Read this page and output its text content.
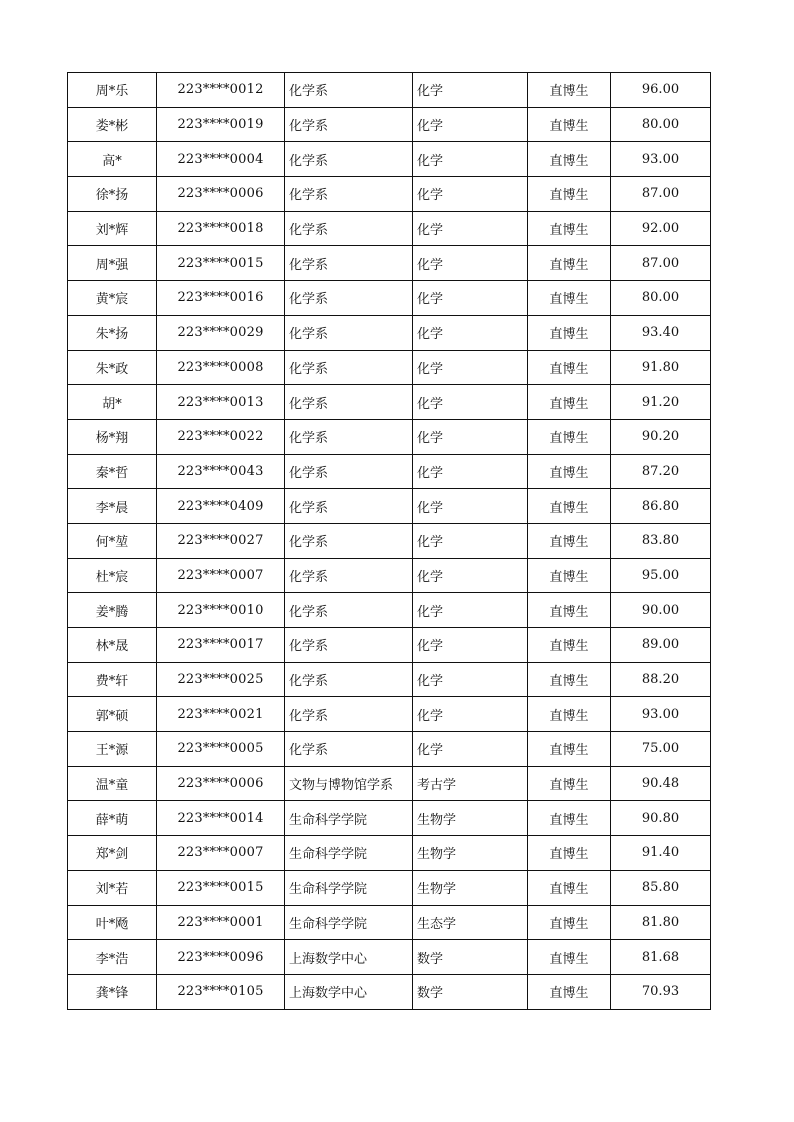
周*乐	223****0012	化学系	化学	直博生	96.00
娄*彬	223****0019	化学系	化学	直博生	80.00
高*	223****0004	化学系	化学	直博生	93.00
徐*扬	223****0006	化学系	化学	直博生	87.00
刘*辉	223****0018	化学系	化学	直博生	92.00
周*强	223****0015	化学系	化学	直博生	87.00
黄*宸	223****0016	化学系	化学	直博生	80.00
朱*扬	223****0029	化学系	化学	直博生	93.40
朱*政	223****0008	化学系	化学	直博生	91.80
胡*	223****0013	化学系	化学	直博生	91.20
杨*翔	223****0022	化学系	化学	直博生	90.20
秦*哲	223****0043	化学系	化学	直博生	87.20
李*晨	223****0409	化学系	化学	直博生	86.80
何*堃	223****0027	化学系	化学	直博生	83.80
杜*宸	223****0007	化学系	化学	直博生	95.00
姜*腾	223****0010	化学系	化学	直博生	90.00
林*晟	223****0017	化学系	化学	直博生	89.00
费*轩	223****0025	化学系	化学	直博生	88.20
郭*硕	223****0021	化学系	化学	直博生	93.00
王*源	223****0005	化学系	化学	直博生	75.00
温*童	223****0006	文物与博物馆学系	考古学	直博生	90.48
薛*萌	223****0014	生命科学学院	生物学	直博生	90.80
郑*剑	223****0007	生命科学学院	生物学	直博生	91.40
刘*若	223****0015	生命科学学院	生物学	直博生	85.80
叶*飏	223****0001	生命科学学院	生态学	直博生	81.80
李*浩	223****0096	上海数学中心	数学	直博生	81.68
龚*锋	223****0105	上海数学中心	数学	直博生	70.93
